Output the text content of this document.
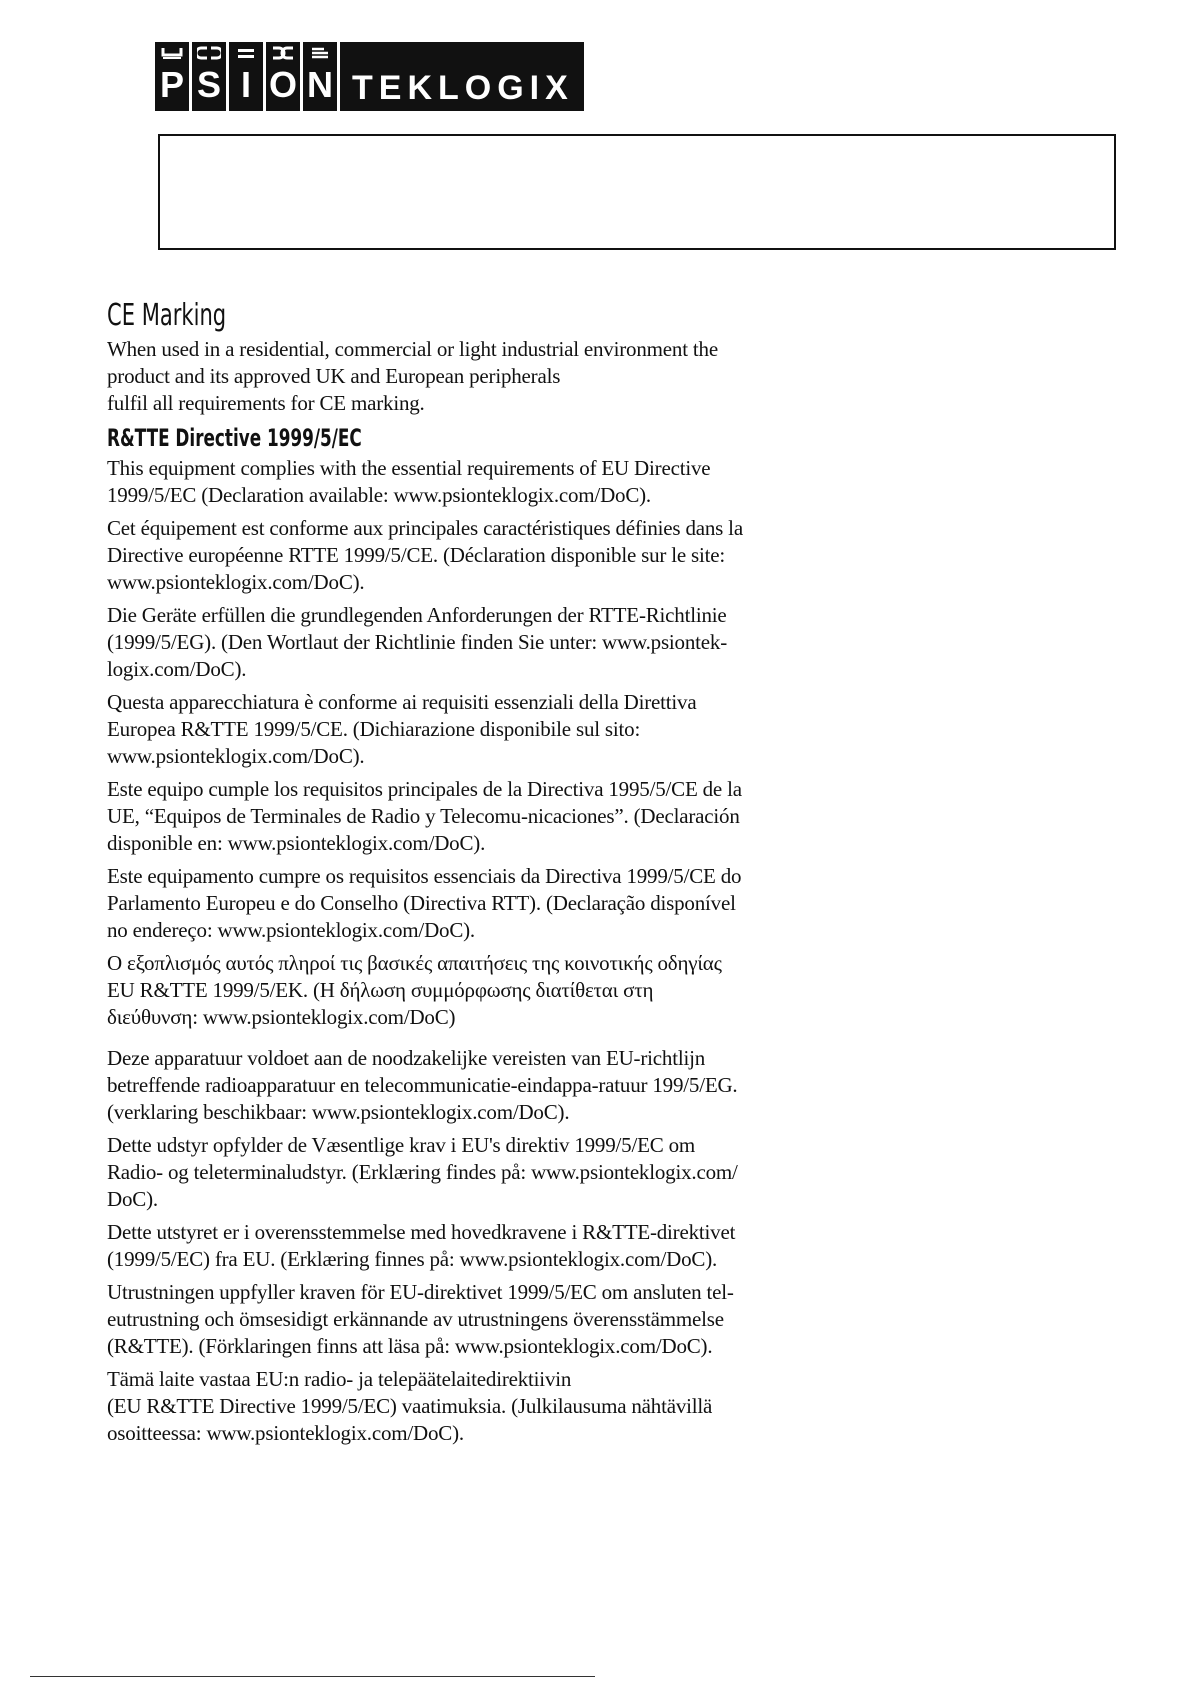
P S I O N TEKLOGIX
CE Marking

When used in a residential, commercial or light industrial environment the
product and its approved UK and European peripherals
fulfil all requirements for CE marking.

R&TTE Directive 1999/5/EC

This equipment complies with the essential requirements of EU Directive
1999/5/EC (Declaration available: www.psionteklogix.com/DoC).

Cet équipement est conforme aux principales caractéristiques définies dans la
Directive européenne RTTE 1999/5/CE. (Déclaration disponible sur le site:
www.psionteklogix.com/DoC).

Die Geräte erfüllen die grundlegenden Anforderungen der RTTE-Richtlinie
(1999/5/EG). (Den Wortlaut der Richtlinie finden Sie unter: www.psiontek-
logix.com/DoC).

Questa apparecchiatura è conforme ai requisiti essenziali della Direttiva
Europea R&TTE 1999/5/CE. (Dichiarazione disponibile sul sito:
www.psionteklogix.com/DoC).

Este equipo cumple los requisitos principales de la Directiva 1995/5/CE de la
UE, “Equipos de Terminales de Radio y Telecomu-nicaciones”. (Declaración
disponible en: www.psionteklogix.com/DoC).

Este equipamento cumpre os requisitos essenciais da Directiva 1999/5/CE do
Parlamento Europeu e do Conselho (Directiva RTT). (Declaração disponível
no endereço: www.psionteklogix.com/DoC).

Ο εξοπλισμός αυτός πληροί τις βασικές απαιτήσεις της κοινοτικής οδηγίας
EU R&TTE 1999/5/EK. (Η δήλωση συμμόρφωσης διατίθεται στη
διεύθυνση: www.psionteklogix.com/DoC)

Deze apparatuur voldoet aan de noodzakelijke vereisten van EU-richtlijn
betreffende radioapparatuur en telecommunicatie-eindappa-ratuur 199/5/EG.
(verklaring beschikbaar: www.psionteklogix.com/DoC).

Dette udstyr opfylder de Væsentlige krav i EU's direktiv 1999/5/EC om
Radio- og teleterminaludstyr. (Erklæring findes på: www.psionteklogix.com/
DoC).

Dette utstyret er i overensstemmelse med hovedkravene i R&TTE-direktivet
(1999/5/EC) fra EU. (Erklæring finnes på: www.psionteklogix.com/DoC).

Utrustningen uppfyller kraven för EU-direktivet 1999/5/EC om ansluten tel-
eutrustning och ömsesidigt erkännande av utrustningens överensstämmelse
(R&TTE). (Förklaringen finns att läsa på: www.psionteklogix.com/DoC).

Tämä laite vastaa EU:n radio- ja telepäätelaitedirektiivin
(EU R&TTE Directive 1999/5/EC) vaatimuksia. (Julkilausuma nähtävillä
osoitteessa: www.psionteklogix.com/DoC).
